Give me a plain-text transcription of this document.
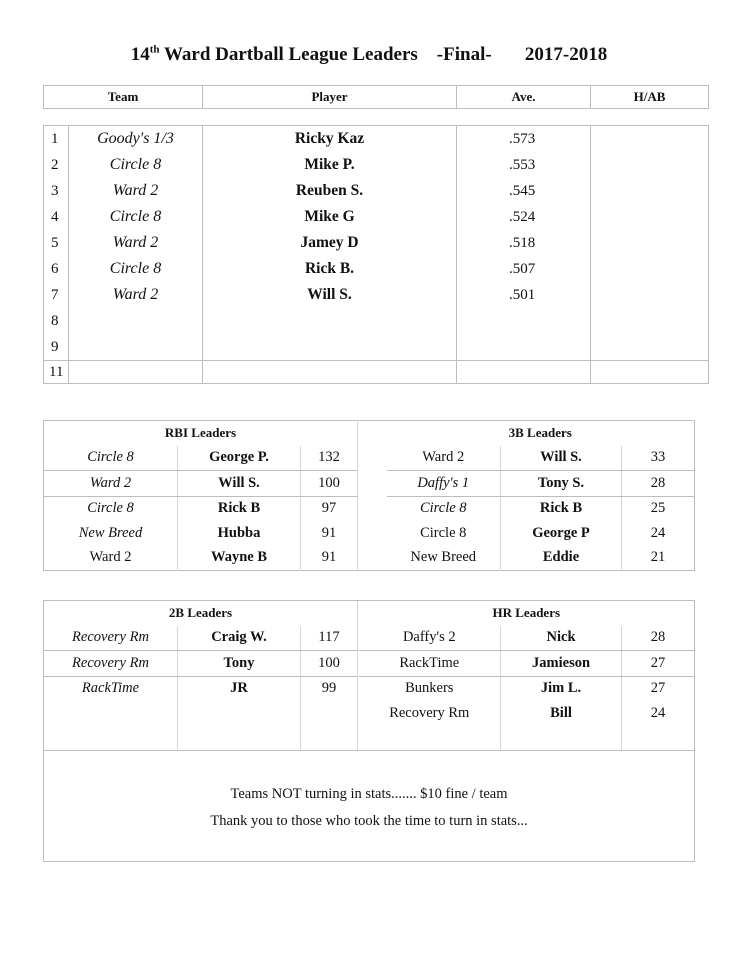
14th Ward Dartball League Leaders    -Final-       2017-2018
Team	Player	Ave.	H/AB
1	Goody's 1/3	Ricky Kaz	.573	
2	Circle 8	Mike P.	.553	
3	Ward 2	Reuben S.	.545	
4	Circle 8	Mike G	.524	
5	Ward 2	Jamey D	.518	
6	Circle 8	Rick B.	.507	
7	Ward 2	Will S.	.501	
8				
9				
11				
RBI Leaders				3B Leaders		
Circle 8	George P.	132		Ward 2	Will S.	33
Ward 2	Will S.	100		Daffy's 1	Tony S.	28
Circle 8	Rick B	97		Circle 8	Rick B	25
New Breed	Hubba	91		Circle 8	George P	24
Ward 2	Wayne B	91		New Breed	Eddie	21
2B Leaders			HR Leaders		
Recovery Rm	Craig W.	117		Daffy's 2	Nick	28
Recovery Rm	Tony	100		RackTime	Jamieson	27
RackTime	JR	99		Bunkers	Jim L.	27
				Recovery Rm	Bill	24

Teams NOT turning in stats....... $10 fine / team					
Thank you to those who took the time to turn in stats...					
